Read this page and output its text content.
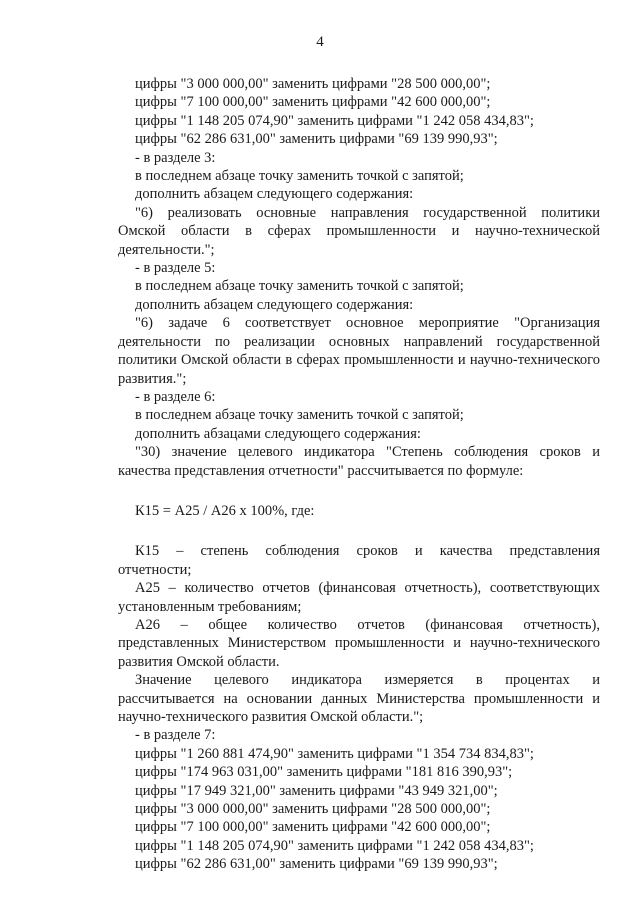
4
цифры "3 000 000,00" заменить цифрами "28 500 000,00";
цифры "7 100 000,00" заменить цифрами "42 600 000,00";
цифры "1 148 205 074,90" заменить цифрами "1 242 058 434,83";
цифры "62 286 631,00" заменить цифрами "69 139 990,93";
- в разделе 3:
в последнем абзаце точку заменить точкой с запятой;
дополнить абзацем следующего содержания:
"6) реализовать основные направления государственной политики
Омской области в сферах промышленности и научно-технической
деятельности.";
- в разделе 5:
в последнем абзаце точку заменить точкой с запятой;
дополнить абзацем следующего содержания:
"6) задаче 6 соответствует основное мероприятие "Организация
деятельности по реализации основных направлений государственной
политики Омской области в сферах промышленности и научно-технического
развития.";
- в разделе 6:
в последнем абзаце точку заменить точкой с запятой;
дополнить абзацами следующего содержания:
"30) значение целевого индикатора "Степень соблюдения сроков и
качества представления отчетности" рассчитывается по формуле:
К15 = А25 / А26 х 100%, где:
К15 – степень соблюдения сроков и качества представления
отчетности;
А25 – количество отчетов (финансовая отчетность), соответствующих
установленным требованиям;
А26 – общее количество отчетов (финансовая отчетность),
представленных Министерством промышленности и научно-технического
развития Омской области.
Значение целевого индикатора измеряется в процентах и
рассчитывается на основании данных Министерства промышленности и
научно-технического развития Омской области.";
- в разделе 7:
цифры "1 260 881 474,90" заменить цифрами "1 354 734 834,83";
цифры "174 963 031,00" заменить цифрами "181 816 390,93";
цифры "17 949 321,00" заменить цифрами "43 949 321,00";
цифры "3 000 000,00" заменить цифрами "28 500 000,00";
цифры "7 100 000,00" заменить цифрами "42 600 000,00";
цифры "1 148 205 074,90" заменить цифрами "1 242 058 434,83";
цифры "62 286 631,00" заменить цифрами "69 139 990,93";
